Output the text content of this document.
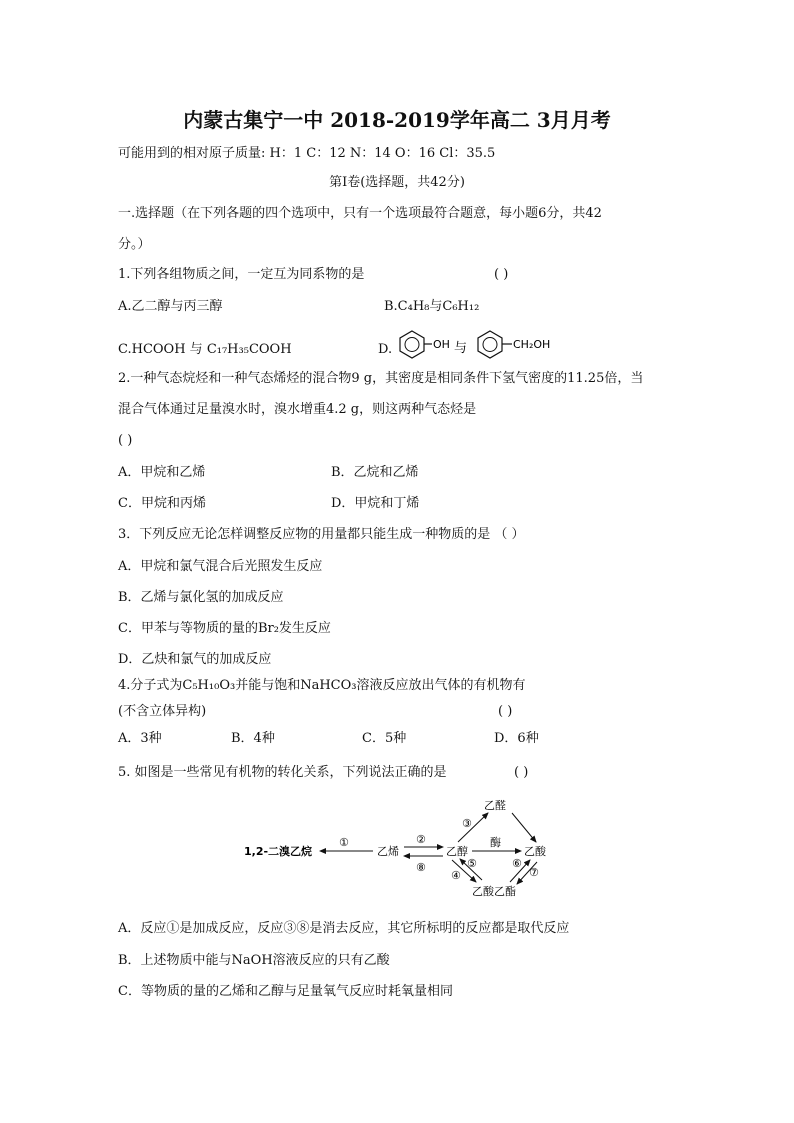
内蒙古集宁一中 2018-2019学年高二 3月月考
可能用到的相对原子质量: H：1 C：12 N：14 O：16 Cl：35.5
第Ⅰ卷(选择题，共42分)
一.选择题（在下列各题的四个选项中，只有一个选项最符合题意，每小题6分，共42
分。）
1.下列各组物质之间，一定互为同系物的是	( )
A.乙二醇与丙三醇	B.C₄H₈与C₆H₁₂
C.HCOOH 与 C₁₇H₃₅COOH	D.	OH 与	CH₂OH
2.一种气态烷烃和一种气态烯烃的混合物9 g，其密度是相同条件下氢气密度的11.25倍，当
混合气体通过足量溴水时，溴水增重4.2 g，则这两种气态烃是
( )
A．甲烷和乙烯	B．乙烷和乙烯
C．甲烷和丙烯	D．甲烷和丁烯
3．下列反应无论怎样调整反应物的用量都只能生成一种物质的是 （ ）
A．甲烷和氯气混合后光照发生反应
B．乙烯与氯化氢的加成反应
C．甲苯与等物质的量的Br₂发生反应
D．乙炔和氯气的加成反应
4.分子式为C₅H₁₀O₃并能与饱和NaHCO₃溶液反应放出气体的有机物有
(不含立体异构)	( )
A．3种	B．4种	C．5种	D．6种
5. 如图是一些常见有机物的转化关系，下列说法正确的是	( )
1,2-二溴乙烷	乙烯	乙醇
乙醛
乙酸
乙酸乙酯
①	②
⑧
③
酶
④
⑤	⑥
⑦
A．反应①是加成反应，反应③⑧是消去反应，其它所标明的反应都是取代反应
B．上述物质中能与NaOH溶液反应的只有乙酸
C．等物质的量的乙烯和乙醇与足量氧气反应时耗氧量相同
